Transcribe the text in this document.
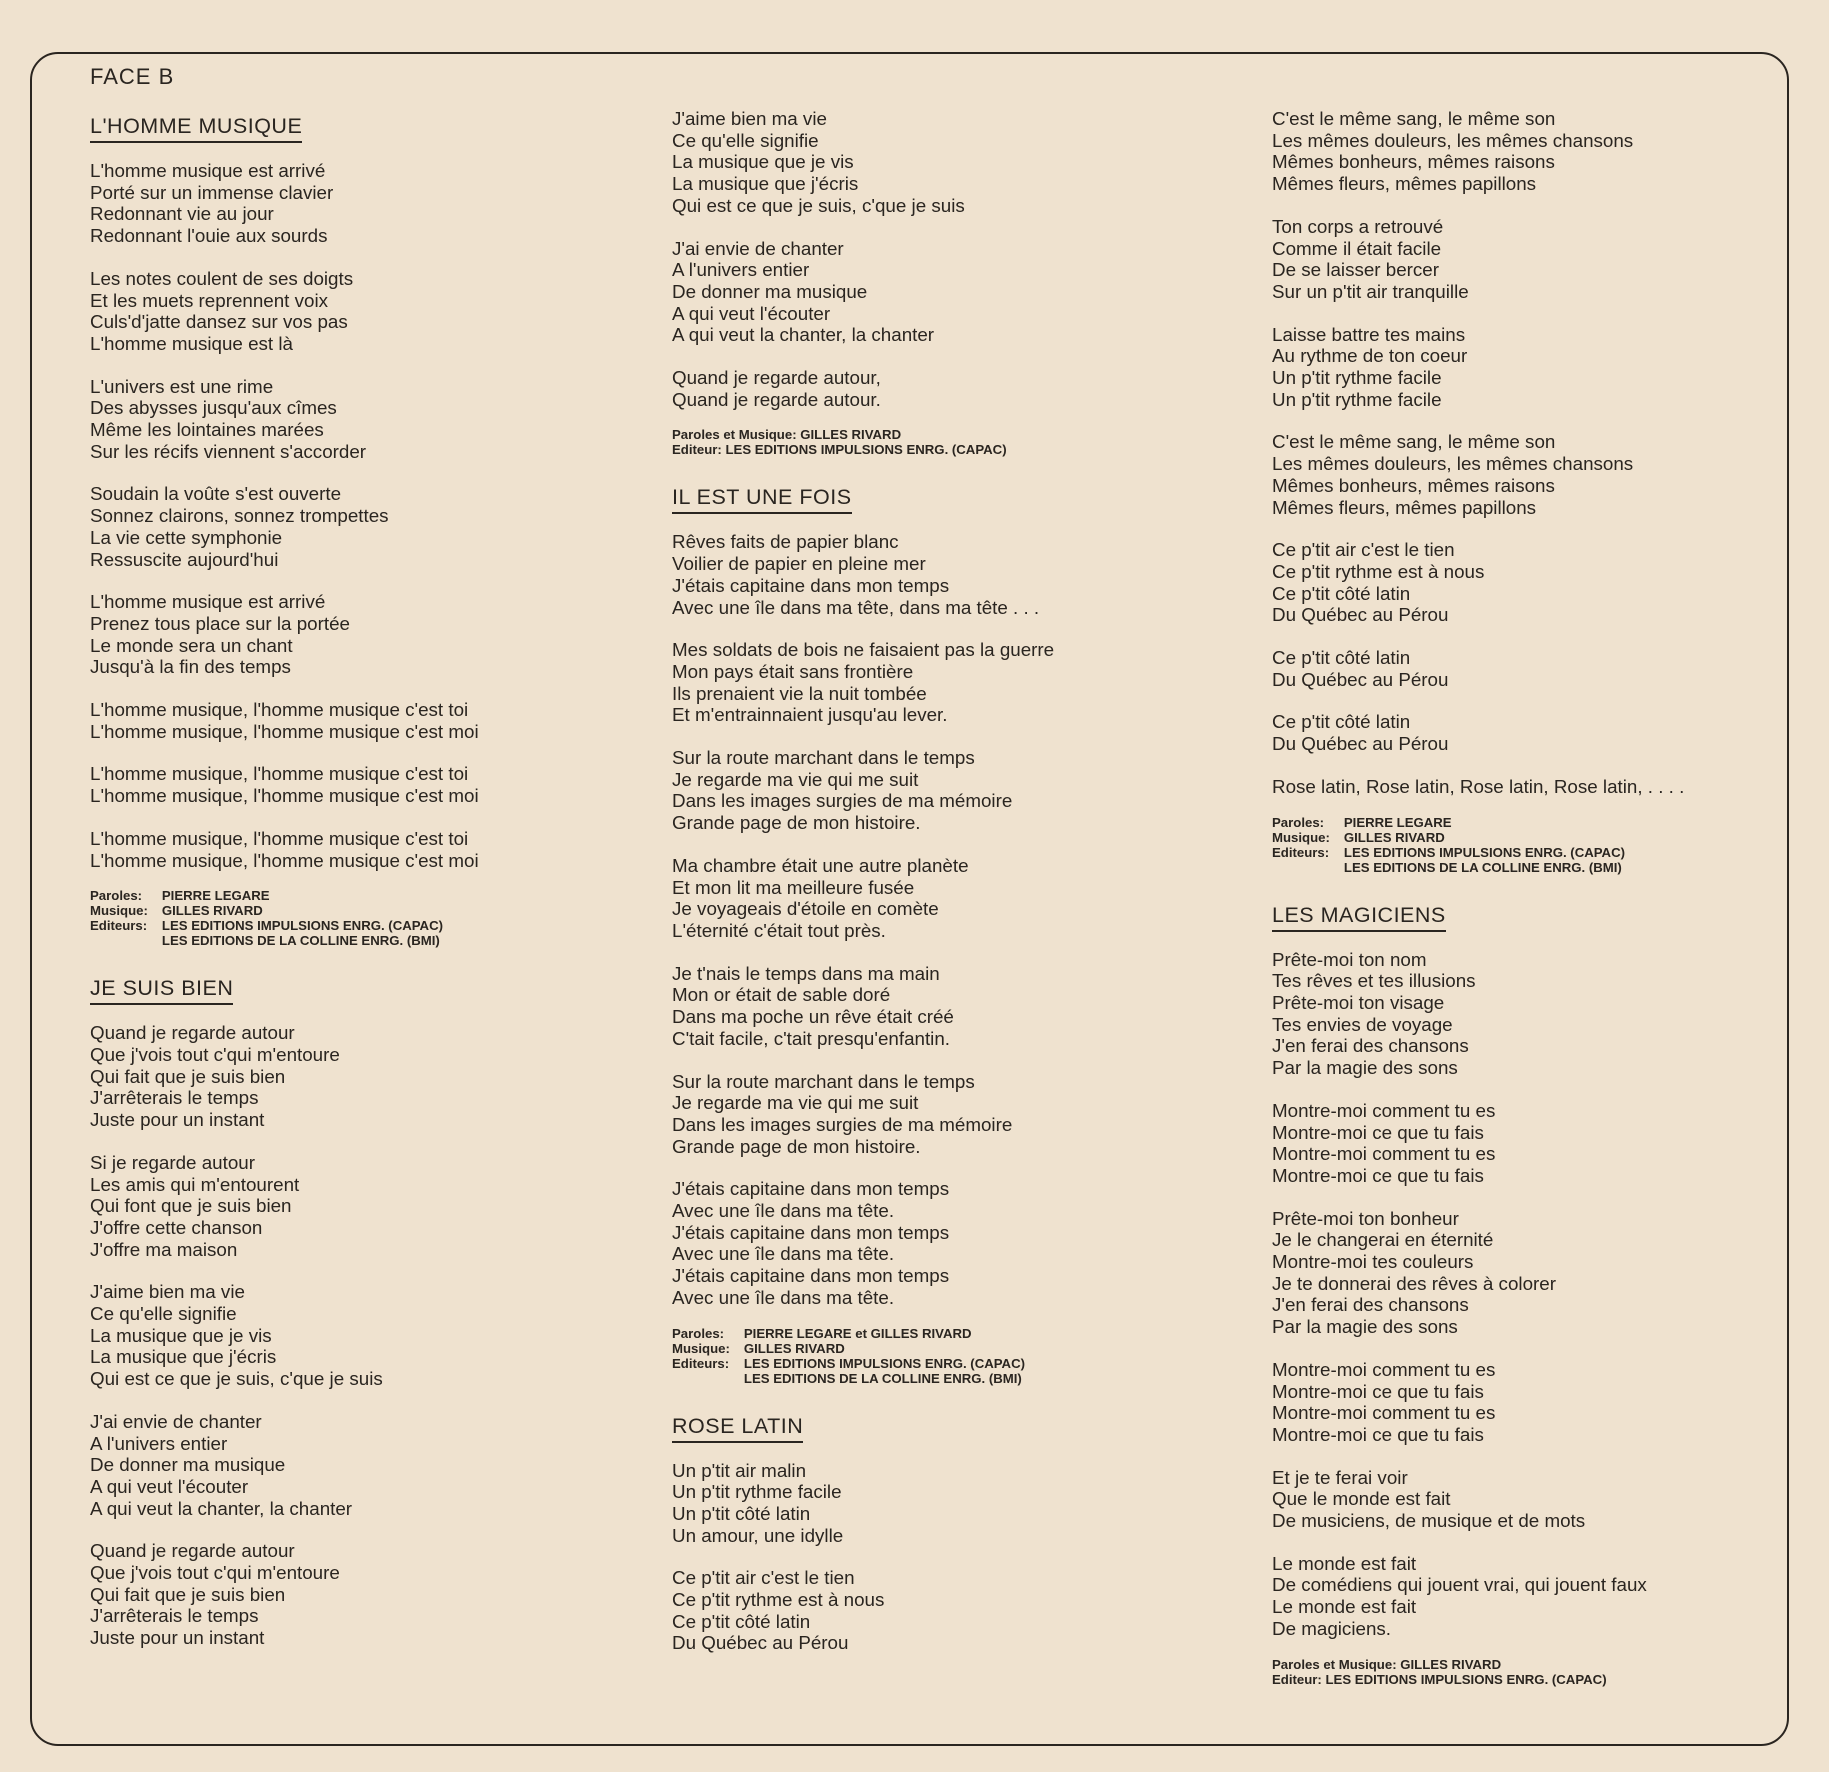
FACE B
L'HOMME MUSIQUE
L'homme musique est arrivé
Porté sur un immense clavier
Redonnant vie au jour
Redonnant l'ouie aux sourds
Les notes coulent de ses doigts
Et les muets reprennent voix
Culs'd'jatte dansez sur vos pas
L'homme musique est là
L'univers est une rime
Des abysses jusqu'aux cîmes
Même les lointaines marées
Sur les récifs viennent s'accorder
Soudain la voûte s'est ouverte
Sonnez clairons, sonnez trompettes
La vie cette symphonie
Ressuscite aujourd'hui
L'homme musique est arrivé
Prenez tous place sur la portée
Le monde sera un chant
Jusqu'à la fin des temps
L'homme musique, l'homme musique c'est toi
L'homme musique, l'homme musique c'est moi
L'homme musique, l'homme musique c'est toi
L'homme musique, l'homme musique c'est moi
L'homme musique, l'homme musique c'est toi
L'homme musique, l'homme musique c'est moi
Paroles:	PIERRE LEGARE
Musique: GILLES RIVARD
Editeurs: LES EDITIONS IMPULSIONS ENRG. (CAPAC)
LES EDITIONS DE LA COLLINE ENRG. (BMI)
JE SUIS BIEN
Quand je regarde autour
Que j'vois tout c'qui m'entoure
Qui fait que je suis bien
J'arrêterais le temps
Juste pour un instant
Si je regarde autour
Les amis qui m'entourent
Qui font que je suis bien
J'offre cette chanson
J'offre ma maison
J'aime bien ma vie
Ce qu'elle signifie
La musique que je vis
La musique que j'écris
Qui est ce que je suis, c'que je suis
J'ai envie de chanter
A l'univers entier
De donner ma musique
A qui veut l'écouter
A qui veut la chanter, la chanter
Quand je regarde autour
Que j'vois tout c'qui m'entoure
Qui fait que je suis bien
J'arrêterais le temps
Juste pour un instant
J'aime bien ma vie
Ce qu'elle signifie
La musique que je vis
La musique que j'écris
Qui est ce que je suis, c'que je suis
J'ai envie de chanter
A l'univers entier
De donner ma musique
A qui veut l'écouter
A qui veut la chanter, la chanter
Quand je regarde autour,
Quand je regarde autour.
Paroles et Musique: GILLES RIVARD
Editeur: LES EDITIONS IMPULSIONS ENRG. (CAPAC)
IL EST UNE FOIS
Rêves faits de papier blanc
Voilier de papier en pleine mer
J'étais capitaine dans mon temps
Avec une île dans ma tête, dans ma tête . . .
Mes soldats de bois ne faisaient pas la guerre
Mon pays était sans frontière
Ils prenaient vie la nuit tombée
Et m'entrainnaient jusqu'au lever.
Sur la route marchant dans le temps
Je regarde ma vie qui me suit
Dans les images surgies de ma mémoire
Grande page de mon histoire.
Ma chambre était une autre planète
Et mon lit ma meilleure fusée
Je voyageais d'étoile en comète
L'éternité c'était tout près.
Je t'nais le temps dans ma main
Mon or était de sable doré
Dans ma poche un rêve était créé
C'tait facile, c'tait presqu'enfantin.
Sur la route marchant dans le temps
Je regarde ma vie qui me suit
Dans les images surgies de ma mémoire
Grande page de mon histoire.
J'étais capitaine dans mon temps
Avec une île dans ma tête.
J'étais capitaine dans mon temps
Avec une île dans ma tête.
J'étais capitaine dans mon temps
Avec une île dans ma tête.
Paroles:	PIERRE LEGARE et GILLES RIVARD
Musique: GILLES RIVARD
Editeurs: LES EDITIONS IMPULSIONS ENRG. (CAPAC)
LES EDITIONS DE LA COLLINE ENRG. (BMI)
ROSE LATIN
Un p'tit air malin
Un p'tit rythme facile
Un p'tit côté latin
Un amour, une idylle
Ce p'tit air c'est le tien
Ce p'tit rythme est à nous
Ce p'tit côté latin
Du Québec au Pérou
C'est le même sang, le même son
Les mêmes douleurs, les mêmes chansons
Mêmes bonheurs, mêmes raisons
Mêmes fleurs, mêmes papillons
Ton corps a retrouvé
Comme il était facile
De se laisser bercer
Sur un p'tit air tranquille
Laisse battre tes mains
Au rythme de ton coeur
Un p'tit rythme facile
Un p'tit rythme facile
C'est le même sang, le même son
Les mêmes douleurs, les mêmes chansons
Mêmes bonheurs, mêmes raisons
Mêmes fleurs, mêmes papillons
Ce p'tit air c'est le tien
Ce p'tit rythme est à nous
Ce p'tit côté latin
Du Québec au Pérou
Ce p'tit côté latin
Du Québec au Pérou
Ce p'tit côté latin
Du Québec au Pérou
Rose latin, Rose latin, Rose latin, Rose latin, . . . .
Paroles:	PIERRE LEGARE
Musique: GILLES RIVARD
Editeurs: LES EDITIONS IMPULSIONS ENRG. (CAPAC)
LES EDITIONS DE LA COLLINE ENRG. (BMI)
LES MAGICIENS
Prête-moi ton nom
Tes rêves et tes illusions
Prête-moi ton visage
Tes envies de voyage
J'en ferai des chansons
Par la magie des sons
Montre-moi comment tu es
Montre-moi ce que tu fais
Montre-moi comment tu es
Montre-moi ce que tu fais
Prête-moi ton bonheur
Je le changerai en éternité
Montre-moi tes couleurs
Je te donnerai des rêves à colorer
J'en ferai des chansons
Par la magie des sons
Montre-moi comment tu es
Montre-moi ce que tu fais
Montre-moi comment tu es
Montre-moi ce que tu fais
Et je te ferai voir
Que le monde est fait
De musiciens, de musique et de mots
Le monde est fait
De comédiens qui jouent vrai, qui jouent faux
Le monde est fait
De magiciens.
Paroles et Musique: GILLES RIVARD
Editeur: LES EDITIONS IMPULSIONS ENRG. (CAPAC)
